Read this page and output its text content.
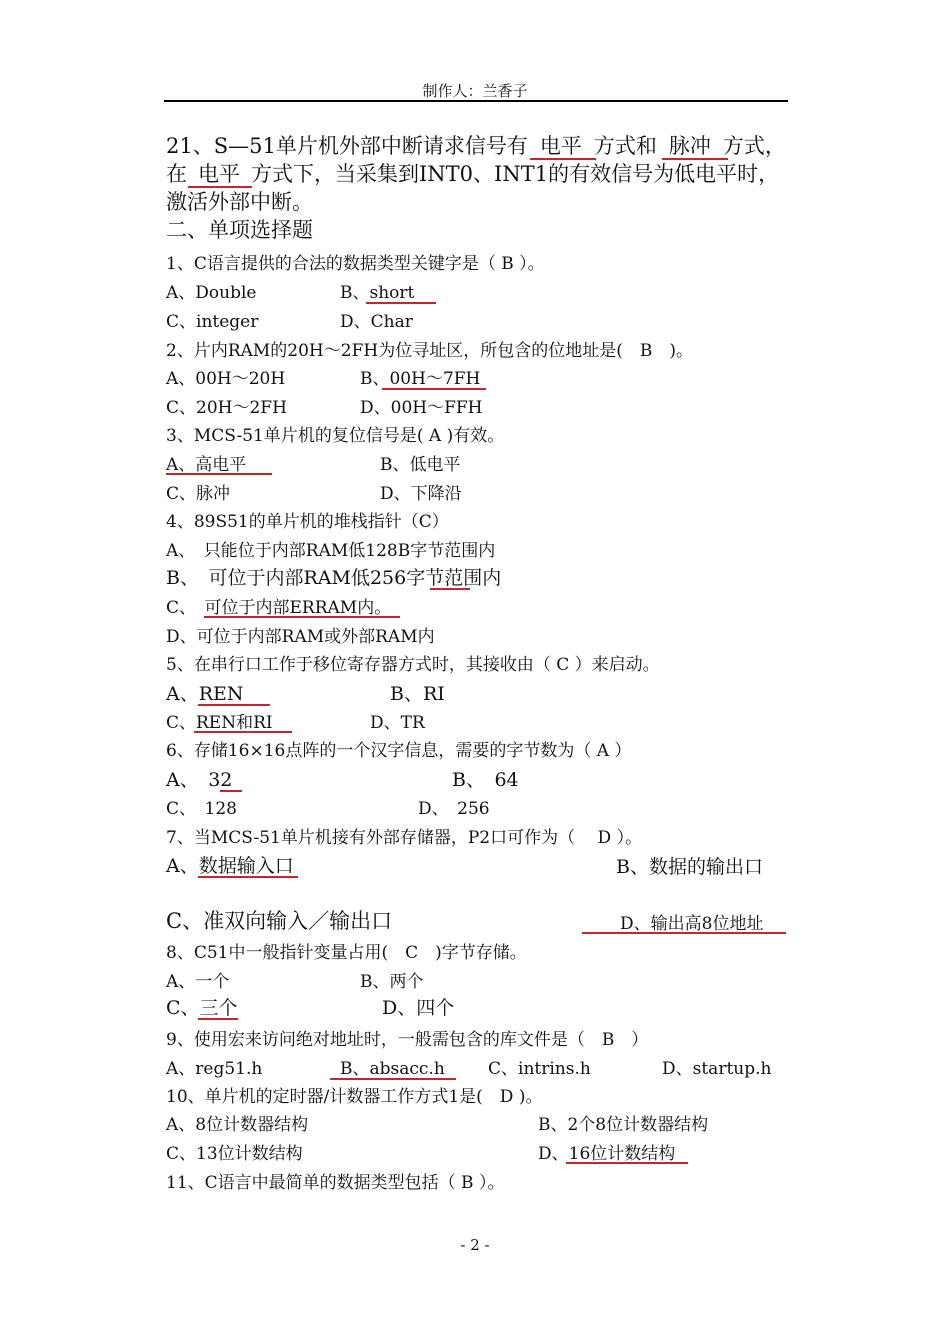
制作人：兰香子
21、S—51单片机外部中断请求信号有 电平 方式和 脉冲 方式，
在 电平 方式下，当采集到INT0、INT1的有效信号为低电平时，
激活外部中断。
二、单项选择题
1、C语言提供的合法的数据类型关键字是（ B ）。
A、Double	B、short
C、integer	D、Char
2、片内RAM的20H～2FH为位寻址区，所包含的位地址是(　B　)。
A、00H～20H	B、00H～7FH
C、20H～2FH	D、00H～FFH
3、MCS-51单片机的复位信号是( A )有效。
A、高电平	B、低电平
C、脉冲	D、下降沿
4、89S51的单片机的堆栈指针（C）
A、　只能位于内部RAM低128B字节范围内
B、　可位于内部RAM低256字节范围内
C、　可位于内部ERRAM内。
D、可位于内部RAM或外部RAM内
5、在串行口工作于移位寄存器方式时，其接收由（ C ）来启动。
A、REN	B、RI
C、REN和RI	D、TR
6、存储16×16点阵的一个汉字信息，需要的字节数为（ A ）
A、　32	B、　64
C、　128	D、　256
7、当MCS-51单片机接有外部存储器，P2口可作为（　 D ）。
A、数据输入口	B、数据的输出口
C、准双向输入／输出口	D、输出高8位地址
8、C51中一般指针变量占用(　C　)字节存储。
A、一个	B、两个
C、三个	D、四个
9、使用宏来访问绝对地址时，一般需包含的库文件是（　B　）
A、reg51.h	B、absacc.h	C、intrins.h	D、startup.h
10、单片机的定时器/计数器工作方式1是(　D )。
A、8位计数器结构	B、2个8位计数器结构
C、13位计数结构	D、16位计数结构
11、C语言中最简单的数据类型包括（ B ）。
- 2 -
